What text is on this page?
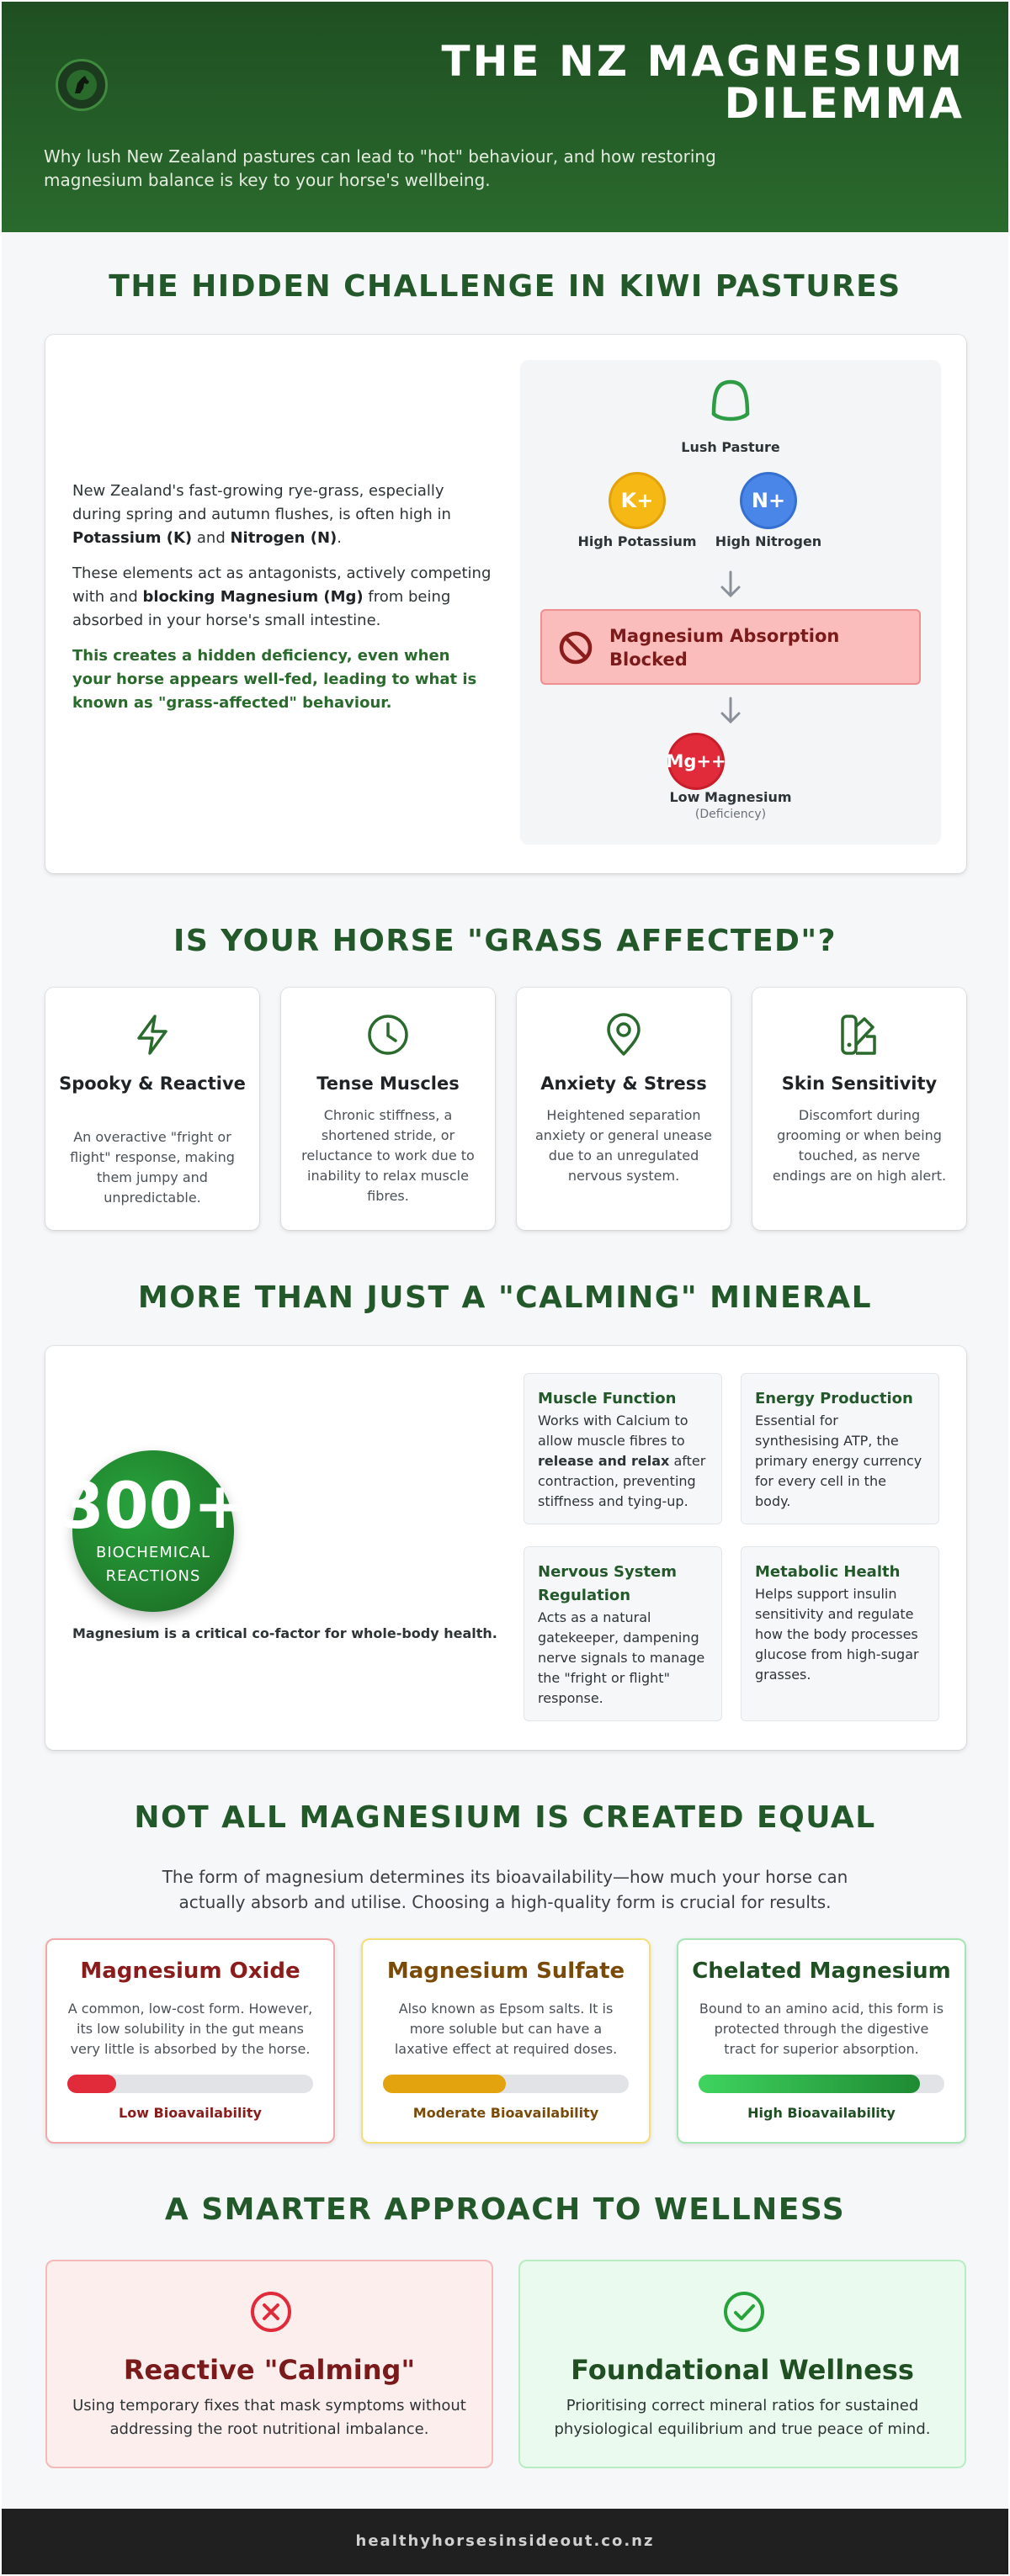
THE NZ MAGNESIUM DILEMMA
Why lush New Zealand pastures can lead to "hot" behaviour, and how restoring magnesium balance is key to your horse's wellbeing.
THE HIDDEN CHALLENGE IN KIWI PASTURES

New Zealand's fast-growing rye-grass, especially during spring and autumn flushes, is often high in Potassium (K) and Nitrogen (N).

These elements act as antagonists, actively competing with and blocking Magnesium (Mg) from being absorbed in your horse's small intestine.

This creates a hidden deficiency, even when your horse appears well-fed, leading to what is known as "grass-affected" behaviour.

Lush Pasture
K+
High Potassium
N+
High Nitrogen
Magnesium Absorption Blocked
Mg++
Low Magnesium
(Deficiency)
IS YOUR HORSE "GRASS AFFECTED"?
Spooky & Reactive

An overactive "fright or flight" response, making them jumpy and unpredictable.

Tense Muscles

Chronic stiffness, a shortened stride, or reluctance to work due to inability to relax muscle fibres.

Anxiety & Stress

Heightened separation anxiety or general unease due to an unregulated nervous system.

Skin Sensitivity

Discomfort during grooming or when being touched, as nerve endings are on high alert.

MORE THAN JUST A "CALMING" MINERAL
300+
BIOCHEMICAL REACTIONS
Magnesium is a critical co-factor for whole-body health.
Muscle Function

Works with Calcium to allow muscle fibres to release and relax after contraction, preventing stiffness and tying-up.

Energy Production

Essential for synthesising ATP, the primary energy currency for every cell in the body.

Nervous System Regulation

Acts as a natural gatekeeper, dampening nerve signals to manage the "fright or flight" response.

Metabolic Health

Helps support insulin sensitivity and regulate how the body processes glucose from high-sugar grasses.

NOT ALL MAGNESIUM IS CREATED EQUAL
The form of magnesium determines its bioavailability—how much your horse can actually absorb and utilise. Choosing a high-quality form is crucial for results.
Magnesium Oxide

A common, low-cost form. However, its low solubility in the gut means very little is absorbed by the horse.

Low Bioavailability
Magnesium Sulfate

Also known as Epsom salts. It is more soluble but can have a laxative effect at required doses.

Moderate Bioavailability
Chelated Magnesium

Bound to an amino acid, this form is protected through the digestive tract for superior absorption.

High Bioavailability
A SMARTER APPROACH TO WELLNESS
Reactive "Calming"

Using temporary fixes that mask symptoms without addressing the root nutritional imbalance.

Foundational Wellness

Prioritising correct mineral ratios for sustained physiological equilibrium and true peace of mind.

healthyhorsesinsideout.co.nz
